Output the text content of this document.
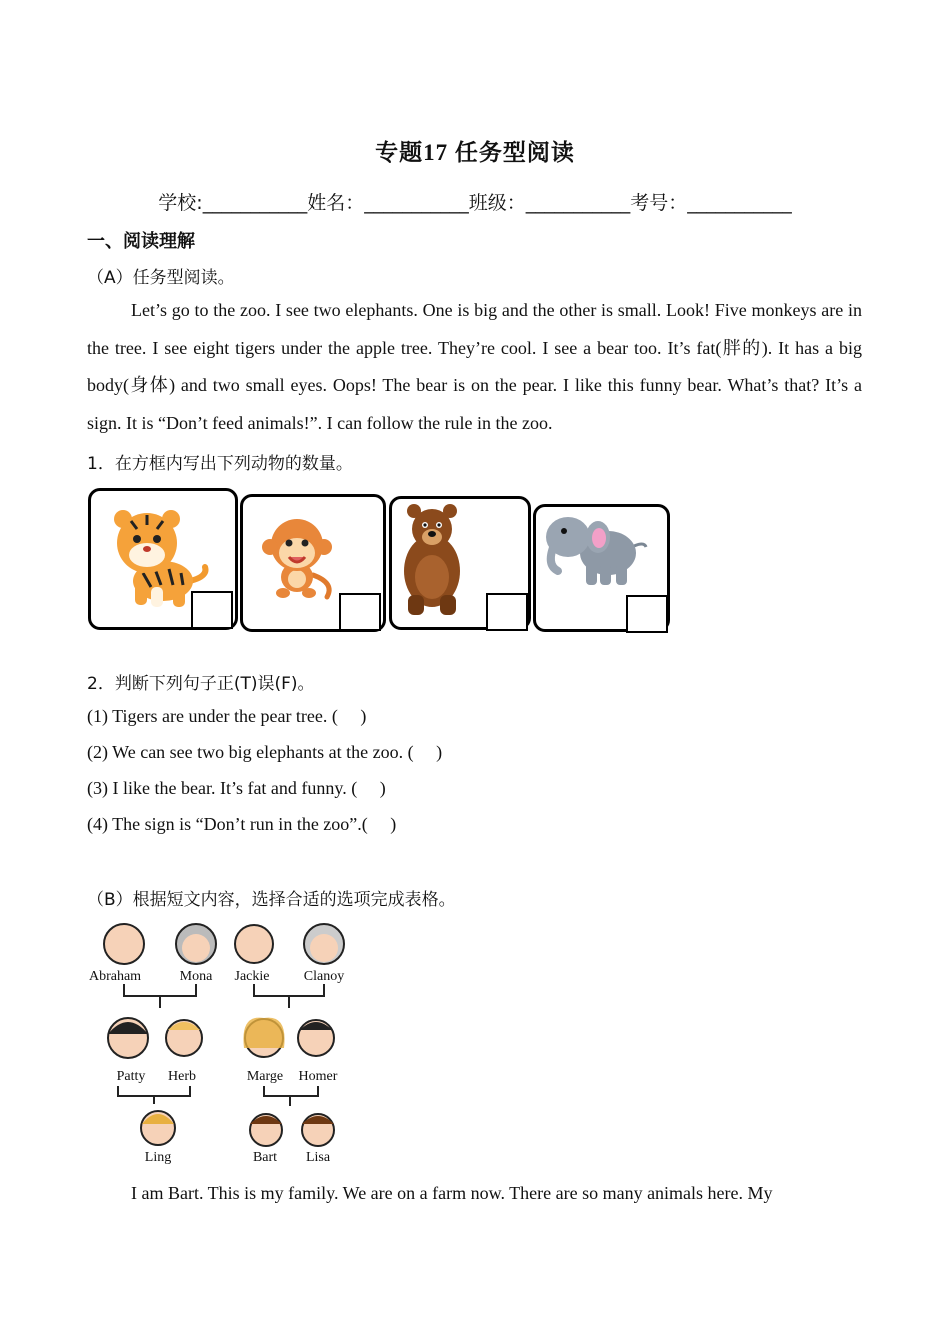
专题17 任务型阅读
学校:___________姓名：___________班级：___________考号：___________
一、阅读理解
（A）任务型阅读。
Let’s go to the zoo. I see two elephants. One is big and the other is small. Look! Five monkeys are in the tree. I see eight tigers under the apple tree. They’re cool. I see a bear too. It’s fat(胖的). It has a big body(身体) and two small eyes. Oops! The bear is on the pear. I like this funny bear. What’s that? It’s a sign. It is “Don’t feed animals!”. I can follow the rule in the zoo.
1．在方框内写出下列动物的数量。
2．判断下列句子正(T)误(F)。
(1) Tigers are under the pear tree. (     )
(2) We can see two big elephants at the zoo. (     )
(3) I like the bear. It’s fat and funny. (     )
(4) The sign is “Don’t run in the zoo”.(     )
（B）根据短文内容，选择合适的选项完成表格。
Abraham	Mona	Jackie	Clanoy
Patty	Herb	Marge	Homer
Ling	Bart	Lisa
I am Bart. This is my family. We are on a farm now. There are so many animals here. My
